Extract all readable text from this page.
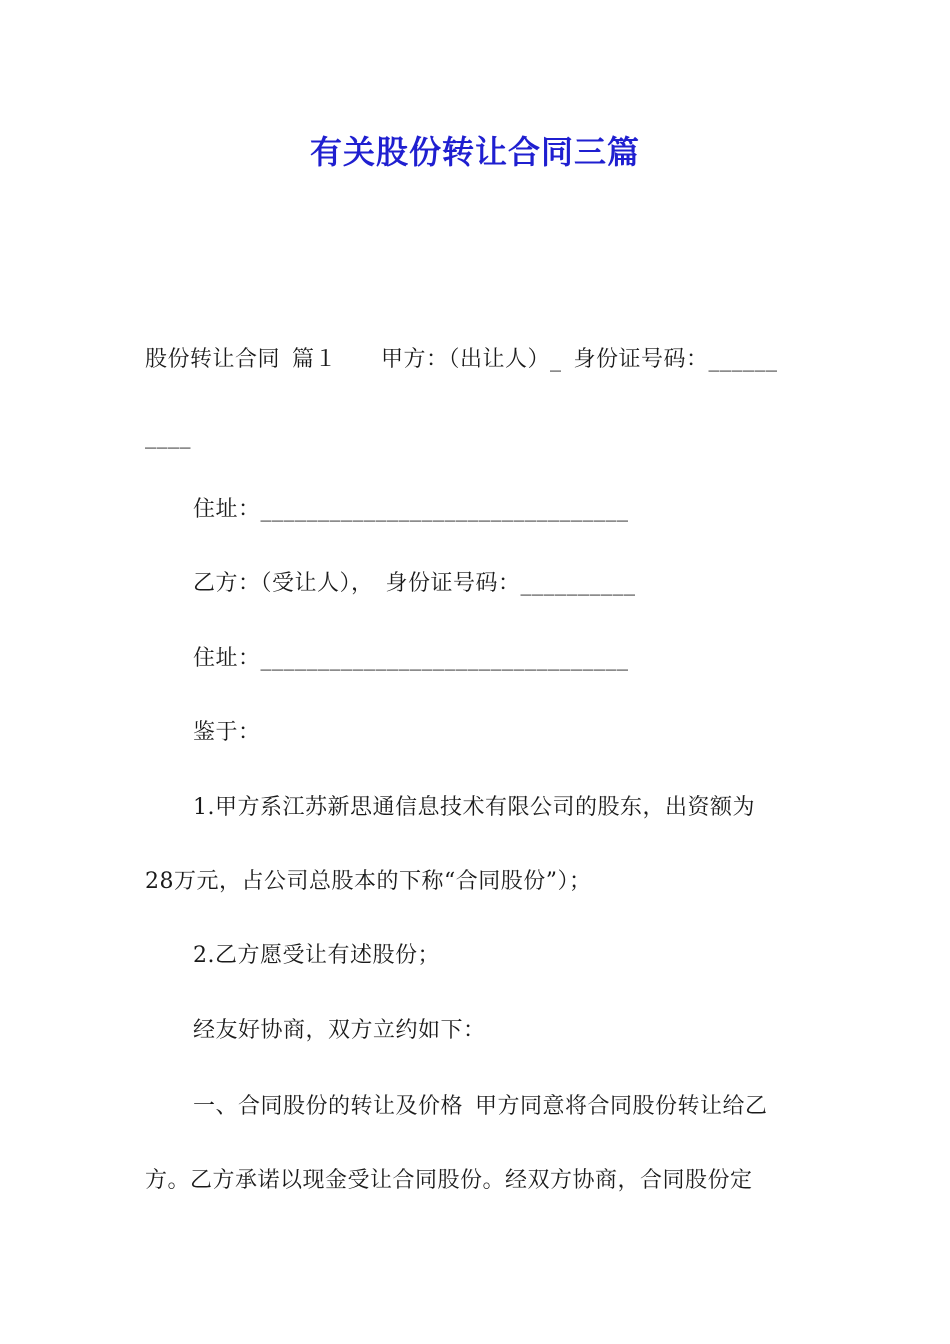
有关股份转让合同三篇
股份转让合同 篇１ 甲方：（出让人）_ 身份证号码：______
____
住址：________________________________
乙方：（受让人）， 身份证号码：__________
住址：________________________________
鉴于：
1.甲方系江苏新思通信息技术有限公司的股东，出资额为
28万元，占公司总股本的下称“合同股份”）；
2.乙方愿受让有述股份；
经友好协商，双方立约如下：
一、合同股份的转让及价格 甲方同意将合同股份转让给乙
方。乙方承诺以现金受让合同股份。经双方协商，合同股份定
